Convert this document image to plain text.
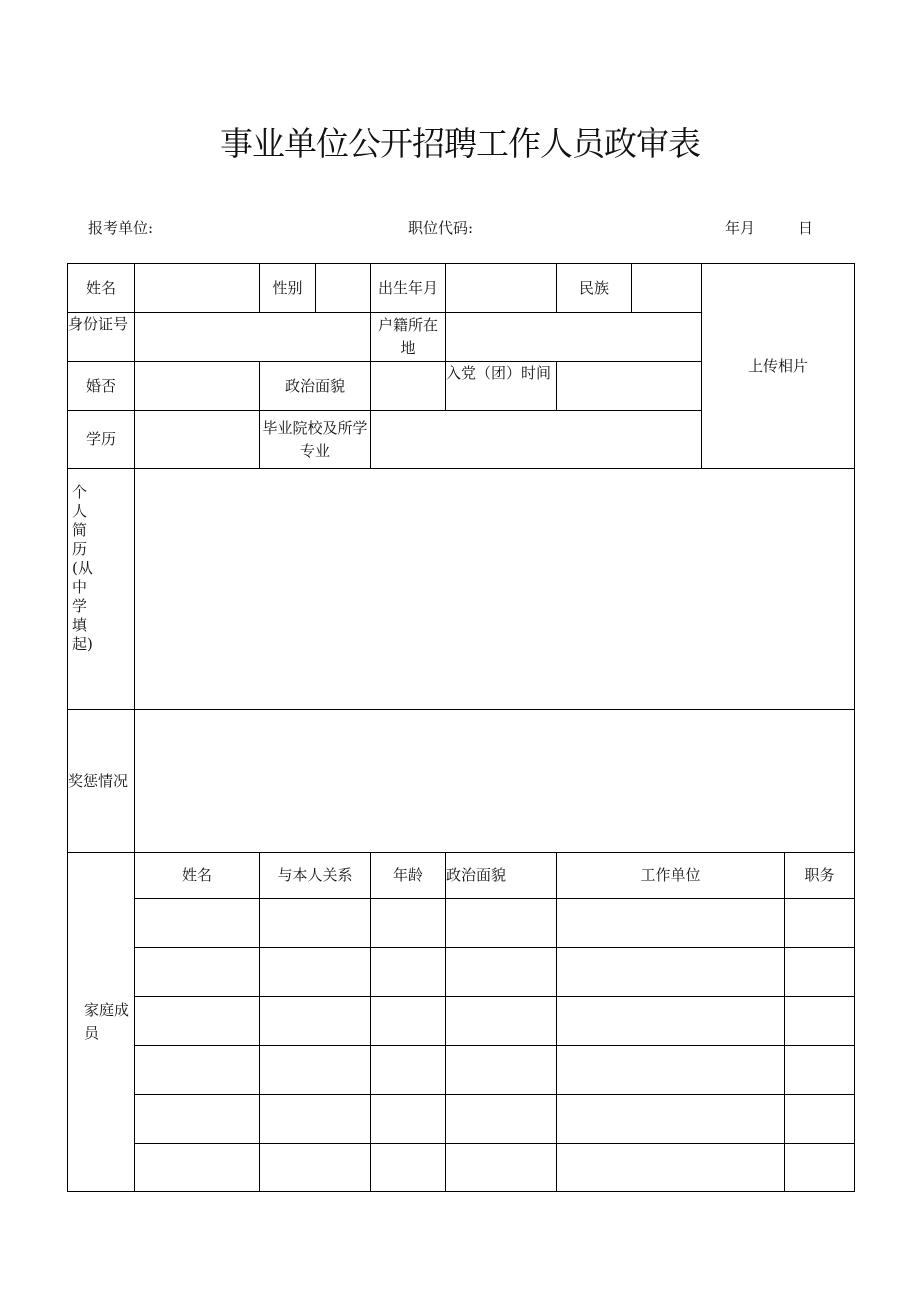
事业单位公开招聘工作人员政审表
报考单位:	职位代码:	年月	日
姓名		性别		出生年月		民族		上传相片	
身份证号				户籍所在地					
婚否		政治面貌			入党（团）时间				
学历		毕业院校及所学专业							

个人简历(从中学填起)									

奖惩情况									

家庭成员	姓名	与本人关系		年龄	政治面貌	工作单位			职务
